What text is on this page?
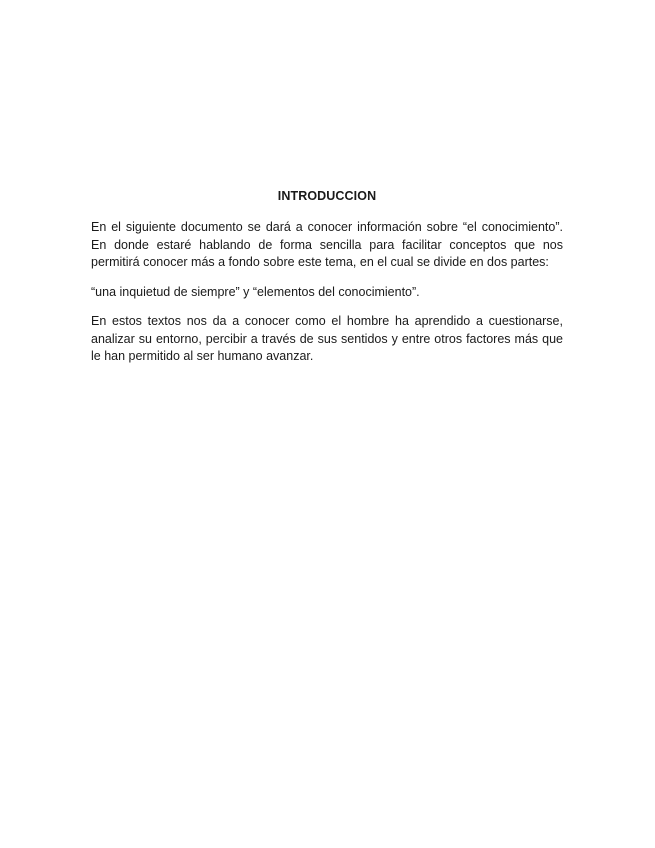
INTRODUCCION

En el siguiente documento se dará a conocer información sobre “el conocimiento”. En donde estaré hablando de forma sencilla para facilitar conceptos que nos permitirá conocer más a fondo sobre este tema, en el cual se divide en dos partes:

“una inquietud de siempre” y “elementos del conocimiento”.

En estos textos nos da a conocer como el hombre ha aprendido a cuestionarse, analizar su entorno, percibir a través de sus sentidos y entre otros factores más que le han permitido al ser humano avanzar.
